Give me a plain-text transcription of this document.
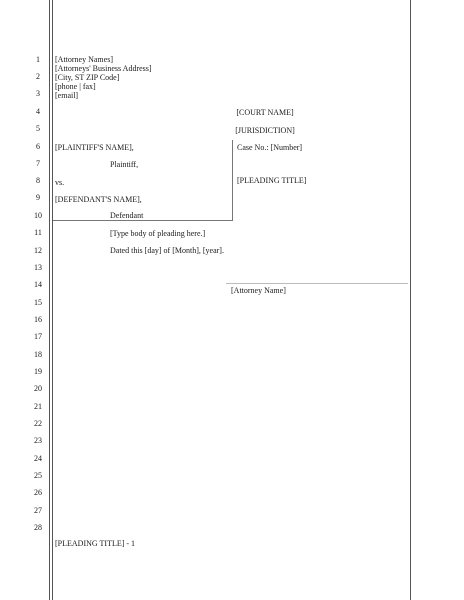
1
2
3
4
5
6
7
8
9
10
11
12
13
14
15
16
17
18
19
20
21
22
23
24
25
26
27
28
[Attorney Names]
[Attorneys' Business Address]
[City, ST ZIP Code]
[phone | fax]
[email]
[COURT NAME]
[JURISDICTION]
[PLAINTIFF'S NAME],
Plaintiff,
vs.
[DEFENDANT'S NAME],
Defendant
Case No.: [Number]
[PLEADING TITLE]
[Type body of pleading here.]
Dated this [day] of [Month], [year].
[Attorney Name]
[PLEADING TITLE] - 1
